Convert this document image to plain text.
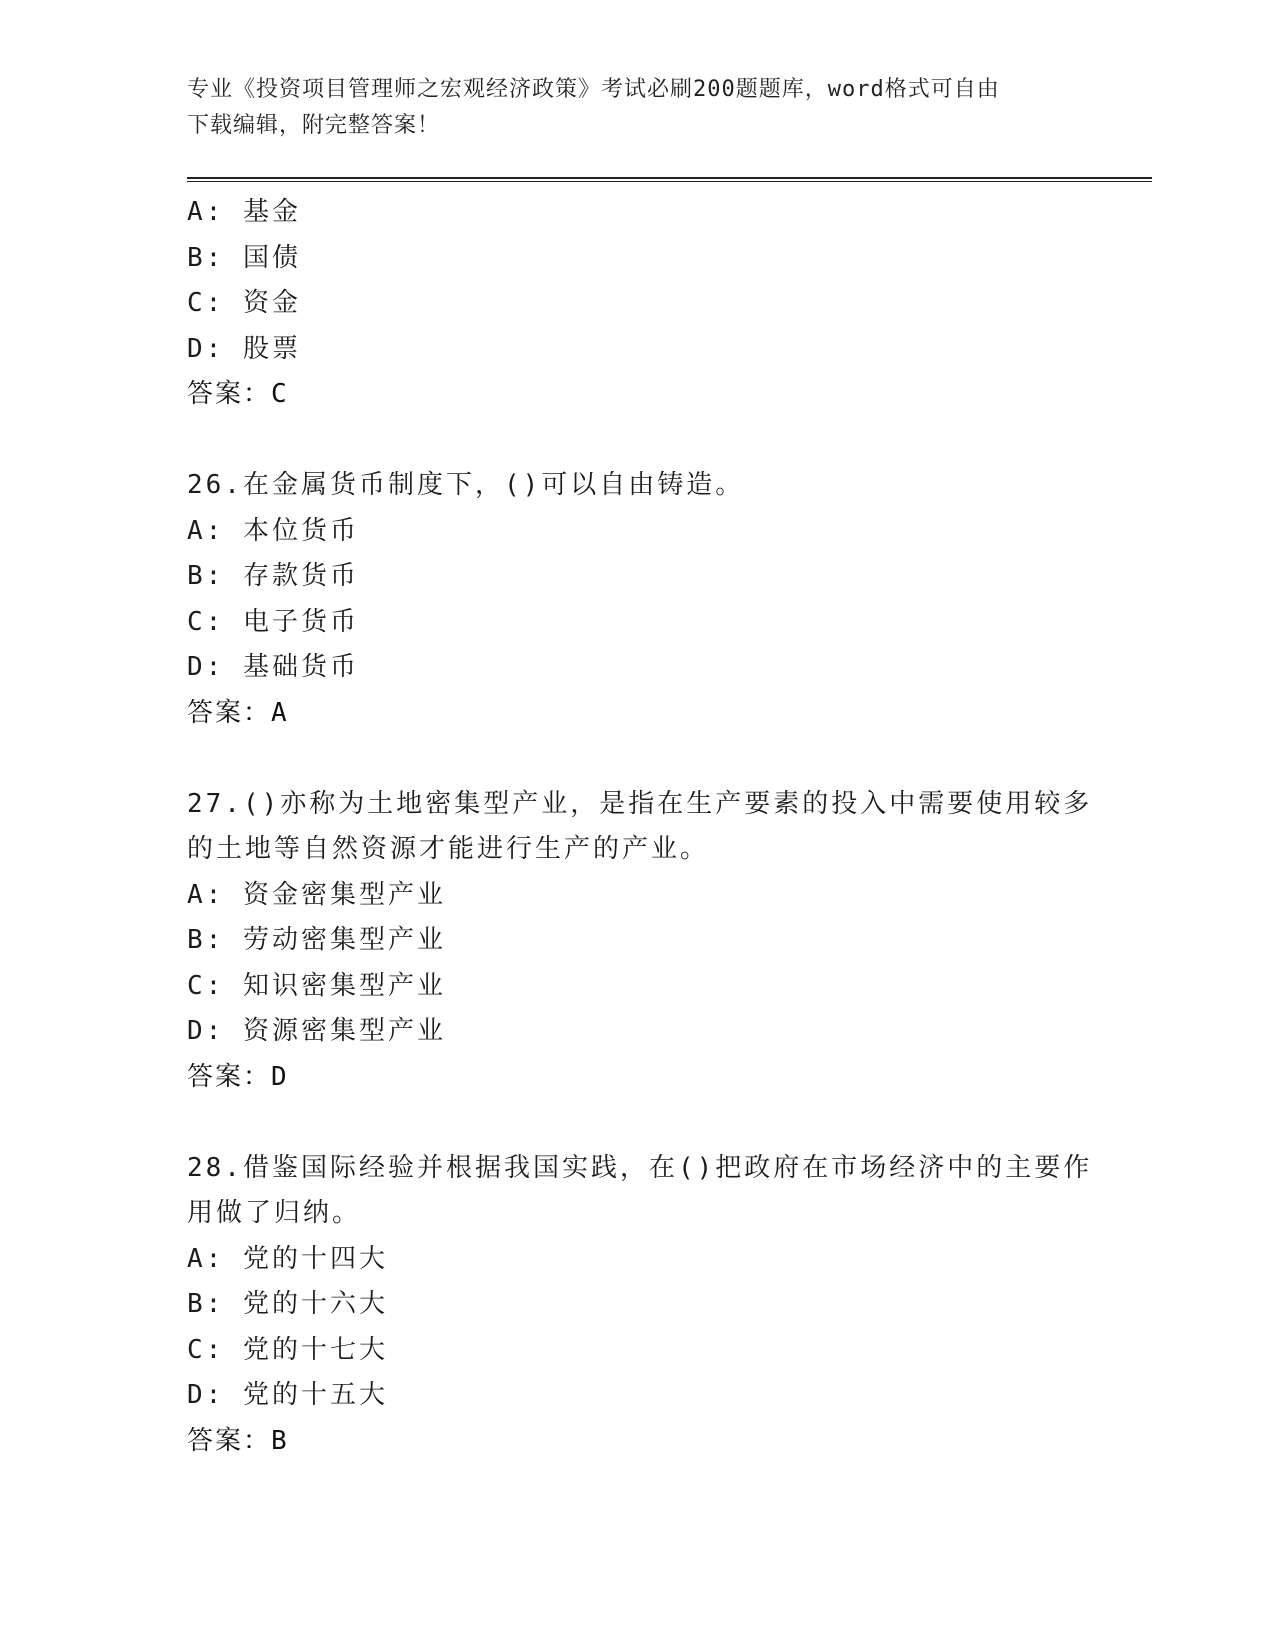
专业《投资项目管理师之宏观经济政策》考试必刷200题题库，word格式可自由
下载编辑，附完整答案！
A: 基金
B: 国债
C: 资金
D: 股票
答案：C
26.在金属货币制度下，()可以自由铸造。
A: 本位货币
B: 存款货币
C: 电子货币
D: 基础货币
答案：A
27.()亦称为土地密集型产业，是指在生产要素的投入中需要使用较多
的土地等自然资源才能进行生产的产业。
A: 资金密集型产业
B: 劳动密集型产业
C: 知识密集型产业
D: 资源密集型产业
答案：D
28.借鉴国际经验并根据我国实践，在()把政府在市场经济中的主要作
用做了归纳。
A: 党的十四大
B: 党的十六大
C: 党的十七大
D: 党的十五大
答案：B
